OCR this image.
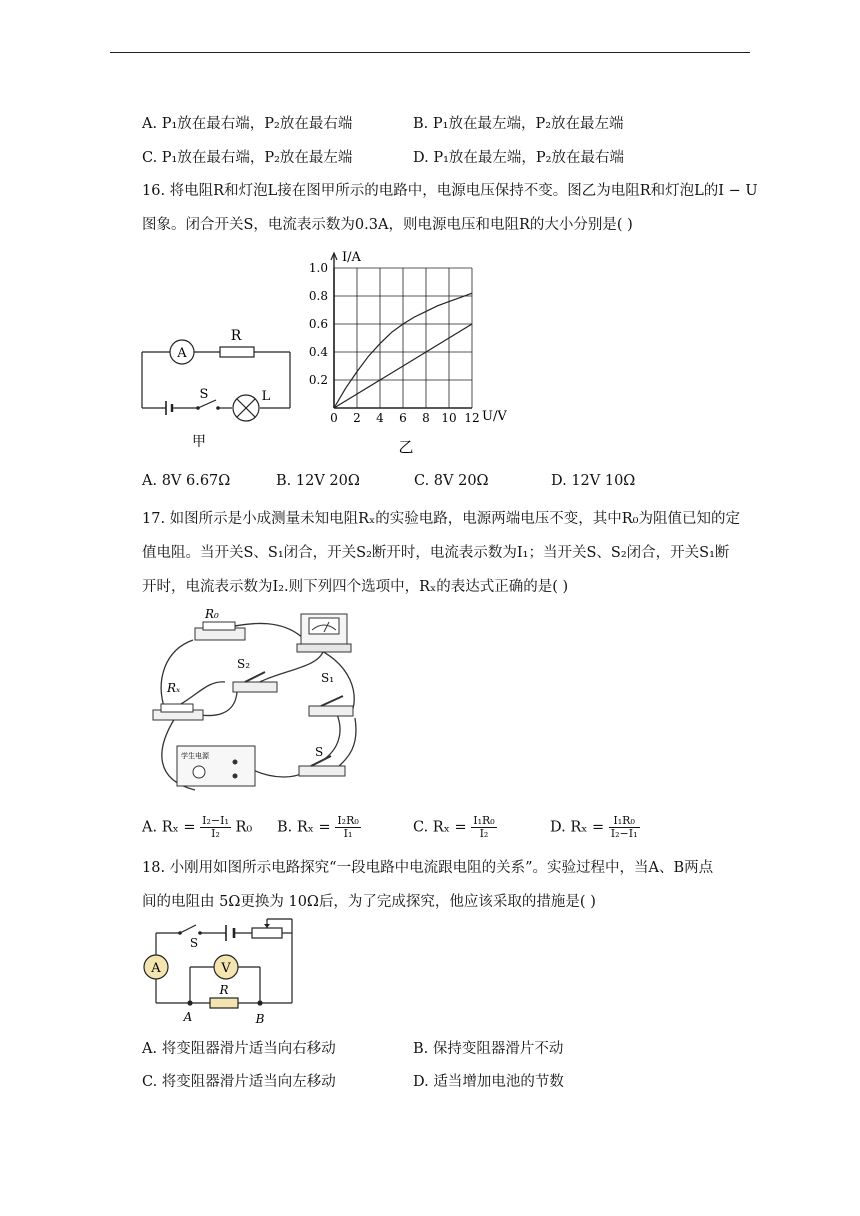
A. P₁放在最右端，P₂放在最右端	B. P₁放在最左端，P₂放在最左端
C. P₁放在最右端，P₂放在最左端	D. P₁放在最左端，P₂放在最右端
16. 将电阻R和灯泡L接在图甲所示的电路中，电源电压保持不变。图乙为电阻R和灯泡L的I − U
图象。闭合开关S，电流表示数为0.3A，则电源电压和电阻R的大小分别是( )
A
R
S	L
甲
0 2 4 6 8 10 12
0.2
0.4
0.6
0.8
1.0
I/A
U/V
乙
A. 8V 6.67Ω	B. 12V 20Ω	C. 8V 20Ω	D. 12V 10Ω
17. 如图所示是小成测量未知电阻Rₓ的实验电路，电源两端电压不变，其中R₀为阻值已知的定
值电阻。当开关S、S₁闭合，开关S₂断开时，电流表示数为I₁；当开关S、S₂闭合，开关S₁断
开时，电流表示数为I₂.则下列四个选项中，Rₓ的表达式正确的是( )
R₀
S₂
Rₓ
S₁
学生电源	S
A. $R_x = \frac{\text{I₂−I₁}}{\text{I₂}} R_0$ B. $R_x = \frac{\text{I₂R₀}}{\text{I₁}}$	C. $R_x = \frac{\text{I₁R₀}}{\text{I₂}}$	D. $R_x = \frac{\text{I₁R₀}}{\text{I₂−I₁}}$
18. 小刚用如图所示电路探究“一段电路中电流跟电阻的关系”。实验过程中，当A、B两点
间的电阻由 5Ω更换为 10Ω后，为了完成探究，他应该采取的措施是( )
A	V
S
R
A	B
A. 将变阻器滑片适当向右移动	B. 保持变阻器滑片不动
C. 将变阻器滑片适当向左移动	D. 适当增加电池的节数
